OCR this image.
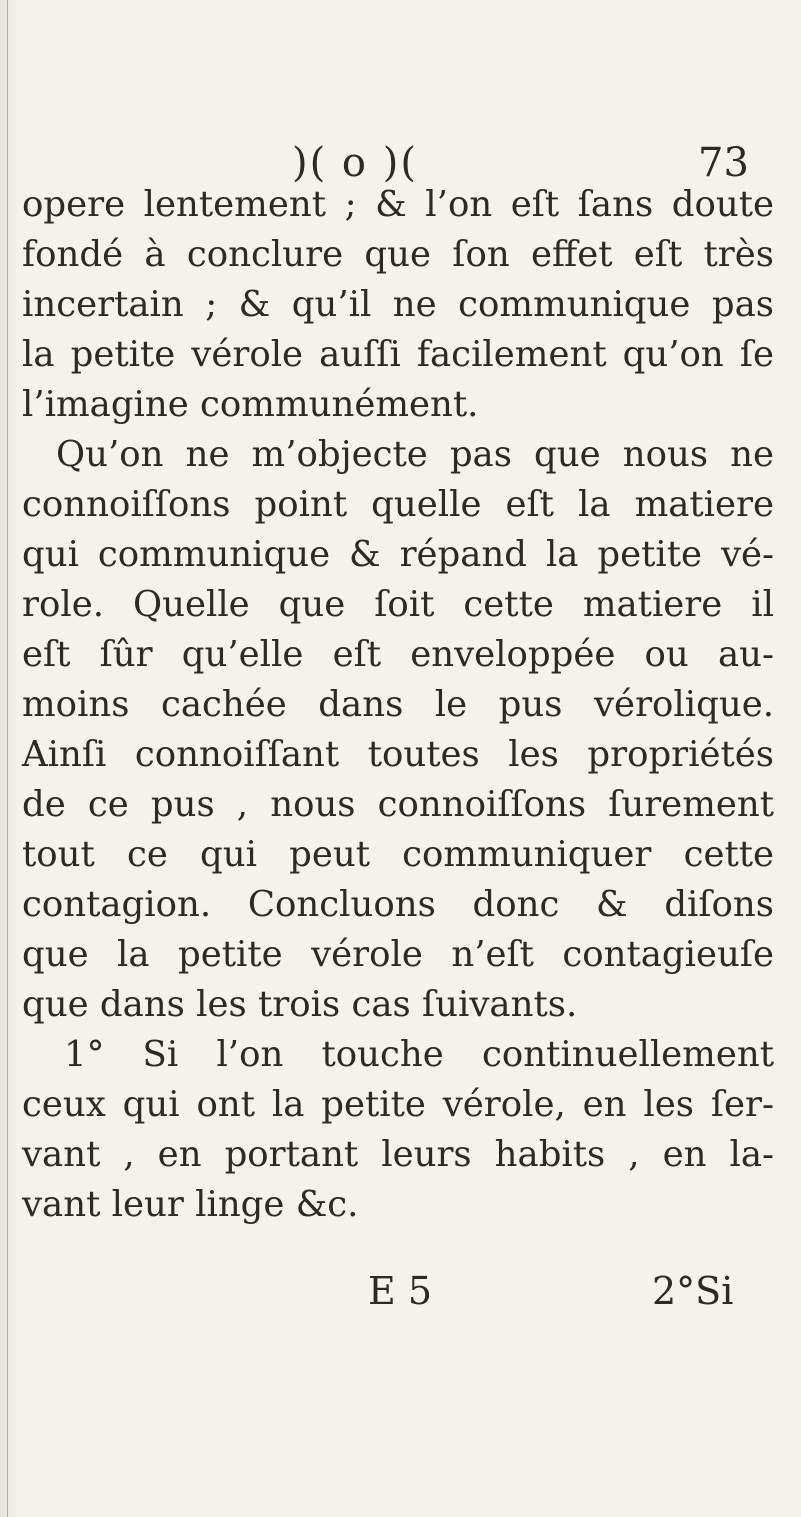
)( o )(	73
opere lentement ; & l’on eſt ſans doute
fondé à conclure que ſon effet eſt très
incertain ; & qu’il ne communique pas
la petite vérole auſſi facilement qu’on ſe
l’imagine communément.
Qu’on ne m’objecte pas que nous ne
connoiſſons point quelle eſt la matiere
qui communique & répand la petite vé-
role. Quelle que ſoit cette matiere il
eſt ſûr qu’elle eſt enveloppée ou au-
moins cachée dans le pus vérolique.
Ainſi connoiſſant toutes les propriétés
de ce pus , nous connoiſſons ſurement
tout ce qui peut communiquer cette
contagion. Concluons donc & diſons
que la petite vérole n’eſt contagieuſe
que dans les trois cas ſuivants.
1° Si l’on touche continuellement
ceux qui ont la petite vérole, en les ſer-
vant , en portant leurs habits , en la-
vant leur linge &c.
E 5	2°Si
